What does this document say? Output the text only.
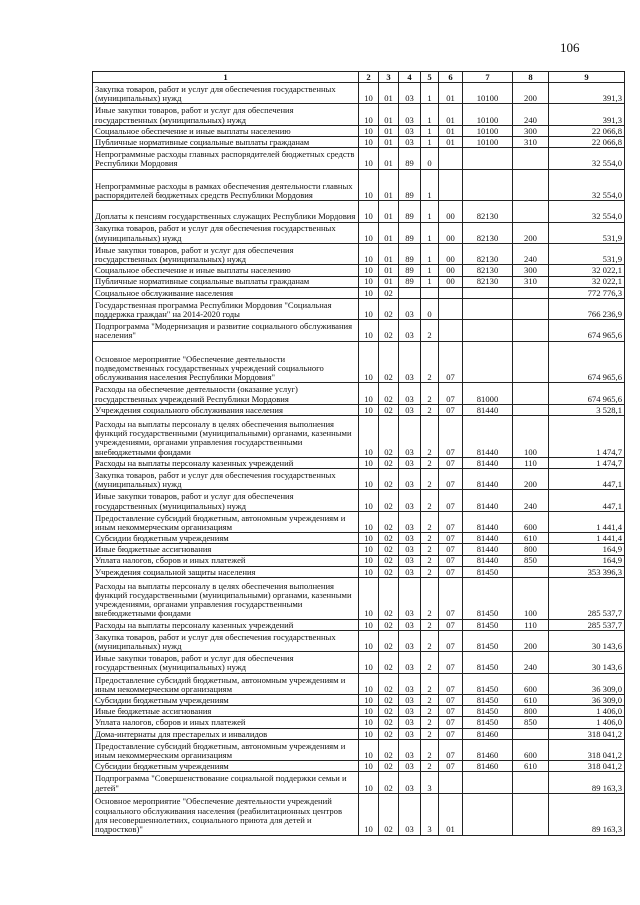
106
1	2	3	4	5	6	7	8	9
Закупка товаров, работ и услуг для обеспечения государственных (муниципальных) нужд	10	01	03	1	01	10100	200	391,3
Иные закупки товаров, работ и услуг для обеспечения государственных (муниципальных) нужд	10	01	03	1	01	10100	240	391,3
Социальное обеспечение и иные выплаты населению	10	01	03	1	01	10100	300	22 066,8
Публичные нормативные социальные выплаты гражданам	10	01	03	1	01	10100	310	22 066,8
Непрограммные расходы главных распорядителей бюджетных средств Республики Мордовия	10	01	89	0				32 554,0
Непрограммные расходы в рамках обеспечения деятельности главных распорядителей бюджетных средств Республики Мордовия	10	01	89	1				32 554,0
Доплаты к пенсиям государственных служащих Республики Мордовия	10	01	89	1	00	82130		32 554,0
Закупка товаров, работ и услуг для обеспечения государственных (муниципальных) нужд	10	01	89	1	00	82130	200	531,9
Иные закупки товаров, работ и услуг для обеспечения государственных (муниципальных) нужд	10	01	89	1	00	82130	240	531,9
Социальное обеспечение и иные выплаты населению	10	01	89	1	00	82130	300	32 022,1
Публичные нормативные социальные выплаты гражданам	10	01	89	1	00	82130	310	32 022,1
Социальное обслуживание населения	10	02						772 776,3
Государственная программа Республики Мордовия "Социальная поддержка граждан" на 2014-2020 годы	10	02	03	0				766 236,9
Подпрограмма "Модернизация и развитие социального обслуживания населения"	10	02	03	2				674 965,6
Основное мероприятие "Обеспечение деятельности подведомственных государственных учреждений социального обслуживания населения Республики Мордовия"	10	02	03	2	07			674 965,6
Расходы на обеспечение деятельности (оказание услуг) государственных учреждений Республики Мордовия	10	02	03	2	07	81000		674 965,6
Учреждения социального обслуживания населения	10	02	03	2	07	81440		3 528,1
Расходы на выплаты персоналу в целях обеспечения выполнения функций государственными (муниципальными) органами, казенными учреждениями, органами управления государственными внебюджетными фондами	10	02	03	2	07	81440	100	1 474,7
Расходы на выплаты персоналу казенных учреждений	10	02	03	2	07	81440	110	1 474,7
Закупка товаров, работ и услуг для обеспечения государственных (муниципальных) нужд	10	02	03	2	07	81440	200	447,1
Иные закупки товаров, работ и услуг для обеспечения государственных (муниципальных) нужд	10	02	03	2	07	81440	240	447,1
Предоставление субсидий бюджетным, автономным учреждениям и иным некоммерческим организациям	10	02	03	2	07	81440	600	1 441,4
Субсидии бюджетным учреждениям	10	02	03	2	07	81440	610	1 441,4
Иные бюджетные ассигнования	10	02	03	2	07	81440	800	164,9
Уплата налогов, сборов и иных платежей	10	02	03	2	07	81440	850	164,9
Учреждения социальной защиты населения	10	02	03	2	07	81450		353 396,3
Расходы на выплаты персоналу в целях обеспечения выполнения функций государственными (муниципальными) органами, казенными учреждениями, органами управления государственными внебюджетными фондами	10	02	03	2	07	81450	100	285 537,7
Расходы на выплаты персоналу казенных учреждений	10	02	03	2	07	81450	110	285 537,7
Закупка товаров, работ и услуг для обеспечения государственных (муниципальных) нужд	10	02	03	2	07	81450	200	30 143,6
Иные закупки товаров, работ и услуг для обеспечения государственных (муниципальных) нужд	10	02	03	2	07	81450	240	30 143,6
Предоставление субсидий бюджетным, автономным учреждениям и иным некоммерческим организациям	10	02	03	2	07	81450	600	36 309,0
Субсидии бюджетным учреждениям	10	02	03	2	07	81450	610	36 309,0
Иные бюджетные ассигнования	10	02	03	2	07	81450	800	1 406,0
Уплата налогов, сборов и иных платежей	10	02	03	2	07	81450	850	1 406,0
Дома-интернаты для престарелых и инвалидов	10	02	03	2	07	81460		318 041,2
Предоставление субсидий бюджетным, автономным учреждениям и иным некоммерческим организациям	10	02	03	2	07	81460	600	318 041,2
Субсидии бюджетным учреждениям	10	02	03	2	07	81460	610	318 041,2
Подпрограмма "Совершенствование социальной поддержки семьи и детей"	10	02	03	3				89 163,3
Основное мероприятие "Обеспечение деятельности учреждений социального обслуживания населения (реабилитационных центров для несовершеннолетних, социального приюта для детей и подростков)"	10	02	03	3	01			89 163,3
